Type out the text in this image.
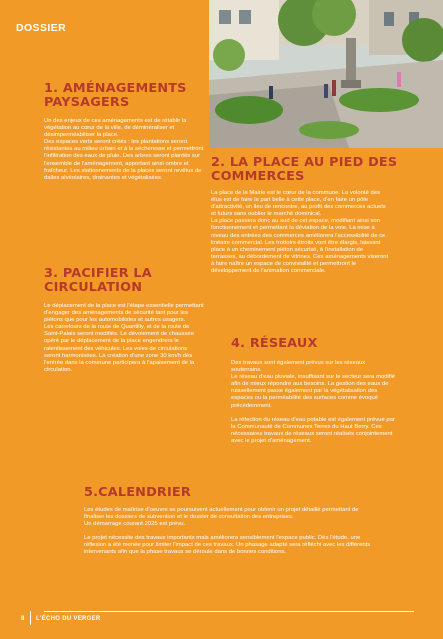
DOSSIER
1. AMÉNAGEMENTS
PAYSAGERS

Un des enjeux de ces aménagements est de rétablir la végétation au cœur de la ville, de déminéraliser et désimperméabiliser la place.

Des espaces verts seront créés : les plantations seront résistantes au milieu urbain et à la sécheresse et permettront l'infiltration des eaux de pluie. Des arbres seront plantés sur l'ensemble de l'aménagement, apportant ainsi ombre et fraîcheur. Les stationnements de la places seront revêtus de dalles alvéolaires, drainantes et végétalisées.

2. LA PLACE AU PIED DES
COMMERCES

La place de la Mairie est le cœur de la commune. La volonté des élus est de faire la part belle à cette place, d'en faire un pôle d'attractivité, un lieu de rencontre, au profit des commerces actuels et futurs sans oublier le marché dominical.

La place passera donc au sud de cet espace, modifiant ainsi son fonctionnement et permettant la déviation de la voie. La mise à niveau des entrées des commerces améliorera l'accessibilité de ce linéaire commercial. Les trottoirs étroits vont être élargis, laissant place à un cheminement piéton sécurisé, à l'installation de terrasses, au débordement de vitrines. Ces aménagements viseront à faire naître un espace de convivialité et permettront le développement de l'animation commerciale.

3. PACIFIER LA
CIRCULATION

Le déplacement de la place est l'étape essentielle permettant d'engager des aménagements de sécurité tant pour les piétons que pour les automobilistes et autres usagers.

Les carrefours de la route de Quantilly, et de la route de Saint-Palais seront modifiés. Le dévoiement de chaussée opéré par le déplacement de la place engendrera le ralentissement des véhicules. Les voies de circulations seront harmonisées. La création d'une zone 30 km/h dès l'entrée dans la commune participera à l'apaisement de la circulation.

4. RÉSEAUX

Des travaux sont également prévus sur les réseaux souterrains.

Le réseau d'eau pluviale, insuffisant sur le secteur sera modifié afin de mieux répondre aux besoins. La gestion des eaux de ruissellement passe également par la végétalisation des espaces ou la perméabilité des surfaces comme évoqué précédemment.

La réfection du réseau d'eau potable est également prévue par la Communauté de Communes Terres du Haut Berry. Ces nécessaires travaux de réseaux seront réalisés conjointement avec le projet d'aménagement.

5.CALENDRIER

Les études de maîtrise d'oeuvre se poursuivent actuellement pour obtenir un projet détaillé permettant de finaliser les dossiers de subvention et le dossier de consultation des entreprises.

Un démarrage courant 2025 est prévu.

Le projet nécessite des travaux importants mais améliorera sensiblement l'espace public. Dès l'étude, une réflexion a été menée pour limiter l'impact de ces travaux. Un phasage adapté sera réfléchi avec les différents intervenants afin que la phase travaux se déroule dans de bonnes conditions.

8 L'ÉCHO DU VERGER
